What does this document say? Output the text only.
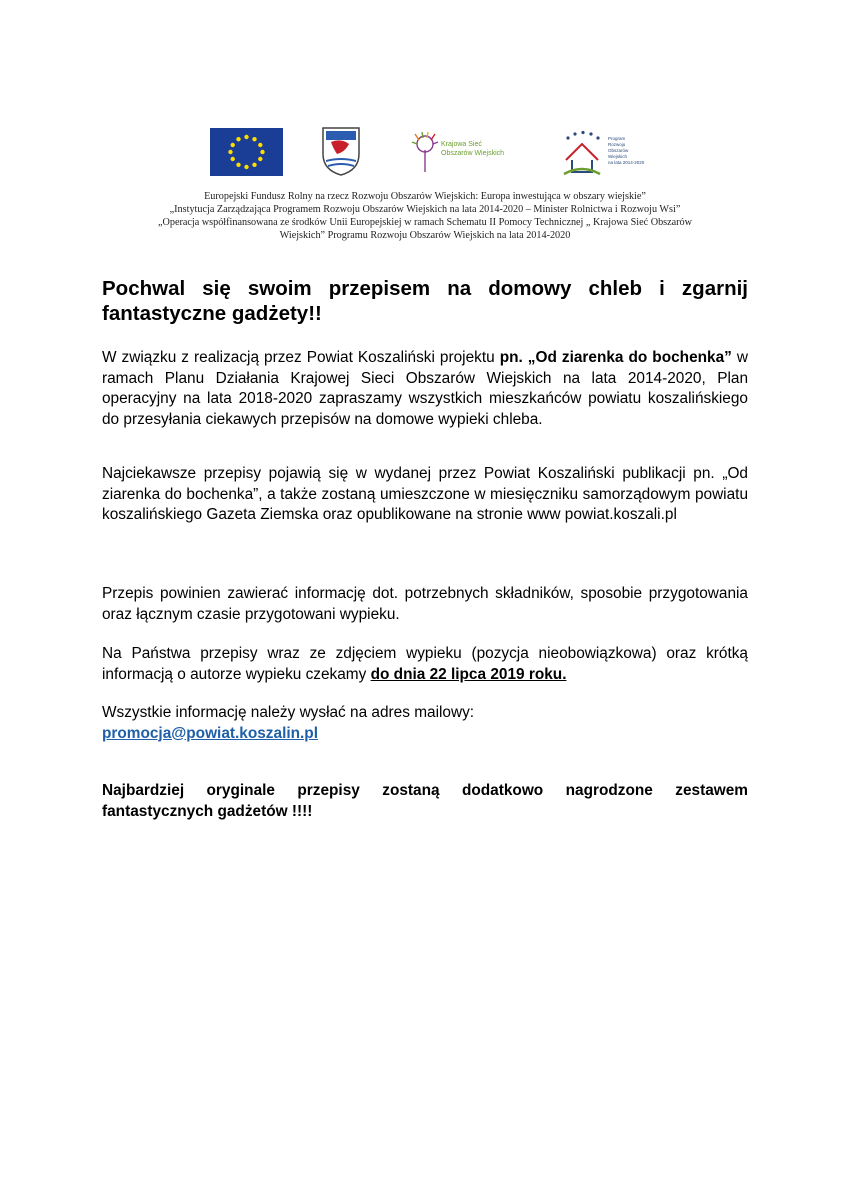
Krajowa Sieć
Obszarów Wiejskich
Program
Rozwoju
Obszarów
Wiejskich
na lata 2014-2020
Europejski Fundusz Rolny na rzecz Rozwoju Obszarów Wiejskich: Europa inwestująca w obszary wiejskie”
„Instytucja Zarządzająca Programem Rozwoju Obszarów Wiejskich na lata 2014-2020 – Minister Rolnictwa i Rozwoju Wsi”
„Operacja współfinansowana ze środków Unii Europejskiej w ramach Schematu II Pomocy Technicznej „ Krajowa Sieć Obszarów
Wiejskich” Programu Rozwoju Obszarów Wiejskich na lata 2014-2020
Pochwal się swoim przepisem na domowy chleb i zgarnij fantastyczne gadżety!!

W związku z realizacją przez Powiat Koszaliński projektu pn. „Od ziarenka do bochenka” w ramach Planu Działania Krajowej Sieci Obszarów Wiejskich na lata 2014-2020, Plan operacyjny na lata 2018-2020 zapraszamy wszystkich mieszkańców powiatu koszalińskiego do przesyłania ciekawych przepisów na domowe wypieki chleba.

Najciekawsze przepisy pojawią się w wydanej przez Powiat Koszaliński publikacji pn. „Od ziarenka do bochenka”, a także zostaną umieszczone w miesięczniku samorządowym powiatu koszalińskiego Gazeta Ziemska oraz opublikowane na stronie www powiat.koszali.pl

Przepis powinien zawierać informację dot. potrzebnych składników, sposobie przygotowania oraz łącznym czasie przygotowani wypieku.

Na Państwa przepisy wraz ze zdjęciem wypieku (pozycja nieobowiązkowa) oraz krótką informacją o autorze wypieku czekamy do dnia 22 lipca 2019 roku.

Wszystkie informację należy wysłać na adres mailowy:
promocja@powiat.koszalin.pl

Najbardziej oryginale przepisy zostaną dodatkowo nagrodzone zestawem fantastycznych gadżetów !!!!
